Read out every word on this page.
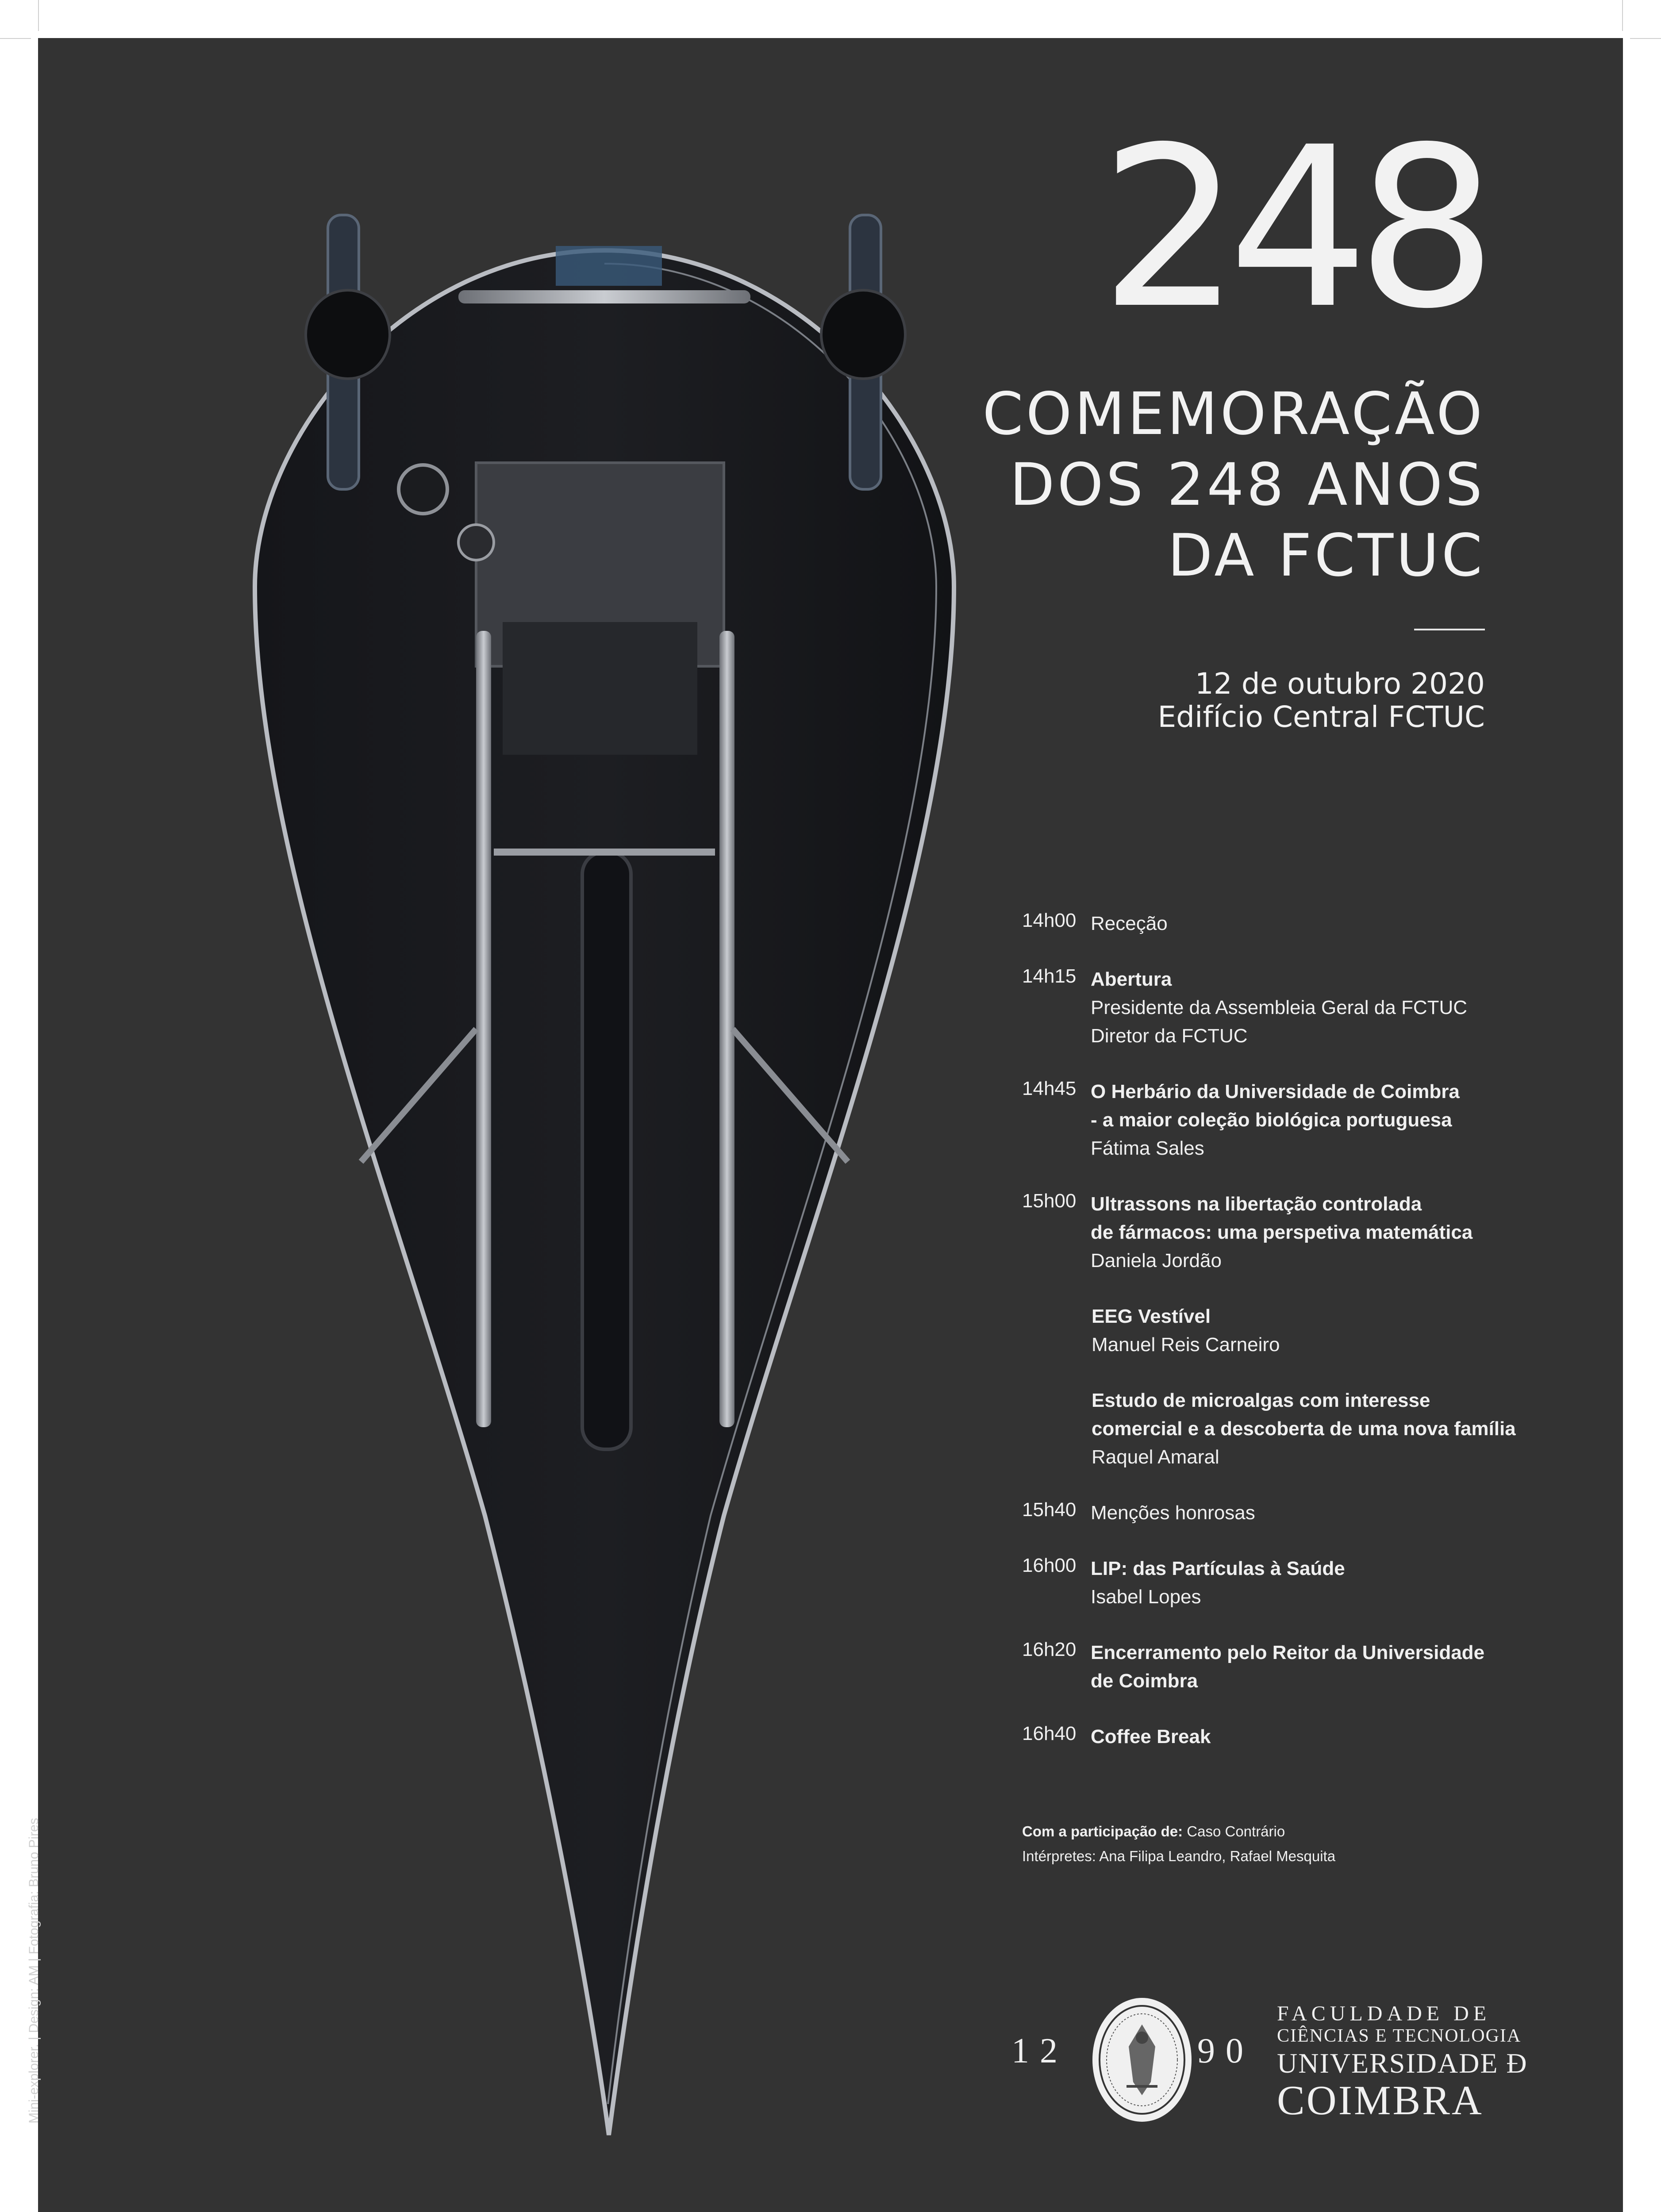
248
COMEMORAÇÃO
DOS 248 ANOS
DA FCTUC
12 de outubro 2020
Edifício Central FCTUC
14h00 Receção
14h15 Abertura
Presidente da Assembleia Geral da FCTUC
Diretor da FCTUC
14h45 O Herbário da Universidade de Coimbra
- a maior coleção biológica portuguesa
Fátima Sales
15h00 Ultrassons na libertação controlada
de fármacos: uma perspetiva matemática
Daniela Jordão
EEG Vestível
Manuel Reis Carneiro
Estudo de microalgas com interesse
comercial e a descoberta de uma nova família
Raquel Amaral
15h40 Menções honrosas
16h00 LIP: das Partículas à Saúde
Isabel Lopes
16h20 Encerramento pelo Reitor da Universidade
de Coimbra
16h40 Coffee Break
Com a participação de: Caso Contrário
Intérpretes: Ana Filipa Leandro, Rafael Mesquita
12	90
FACULDADE DE
CIÊNCIAS E TECNOLOGIA
UNIVERSIDADE Đ
COIMBRA
Mini-explorer. | Design: AM | Fotografia: Bruno Pires
